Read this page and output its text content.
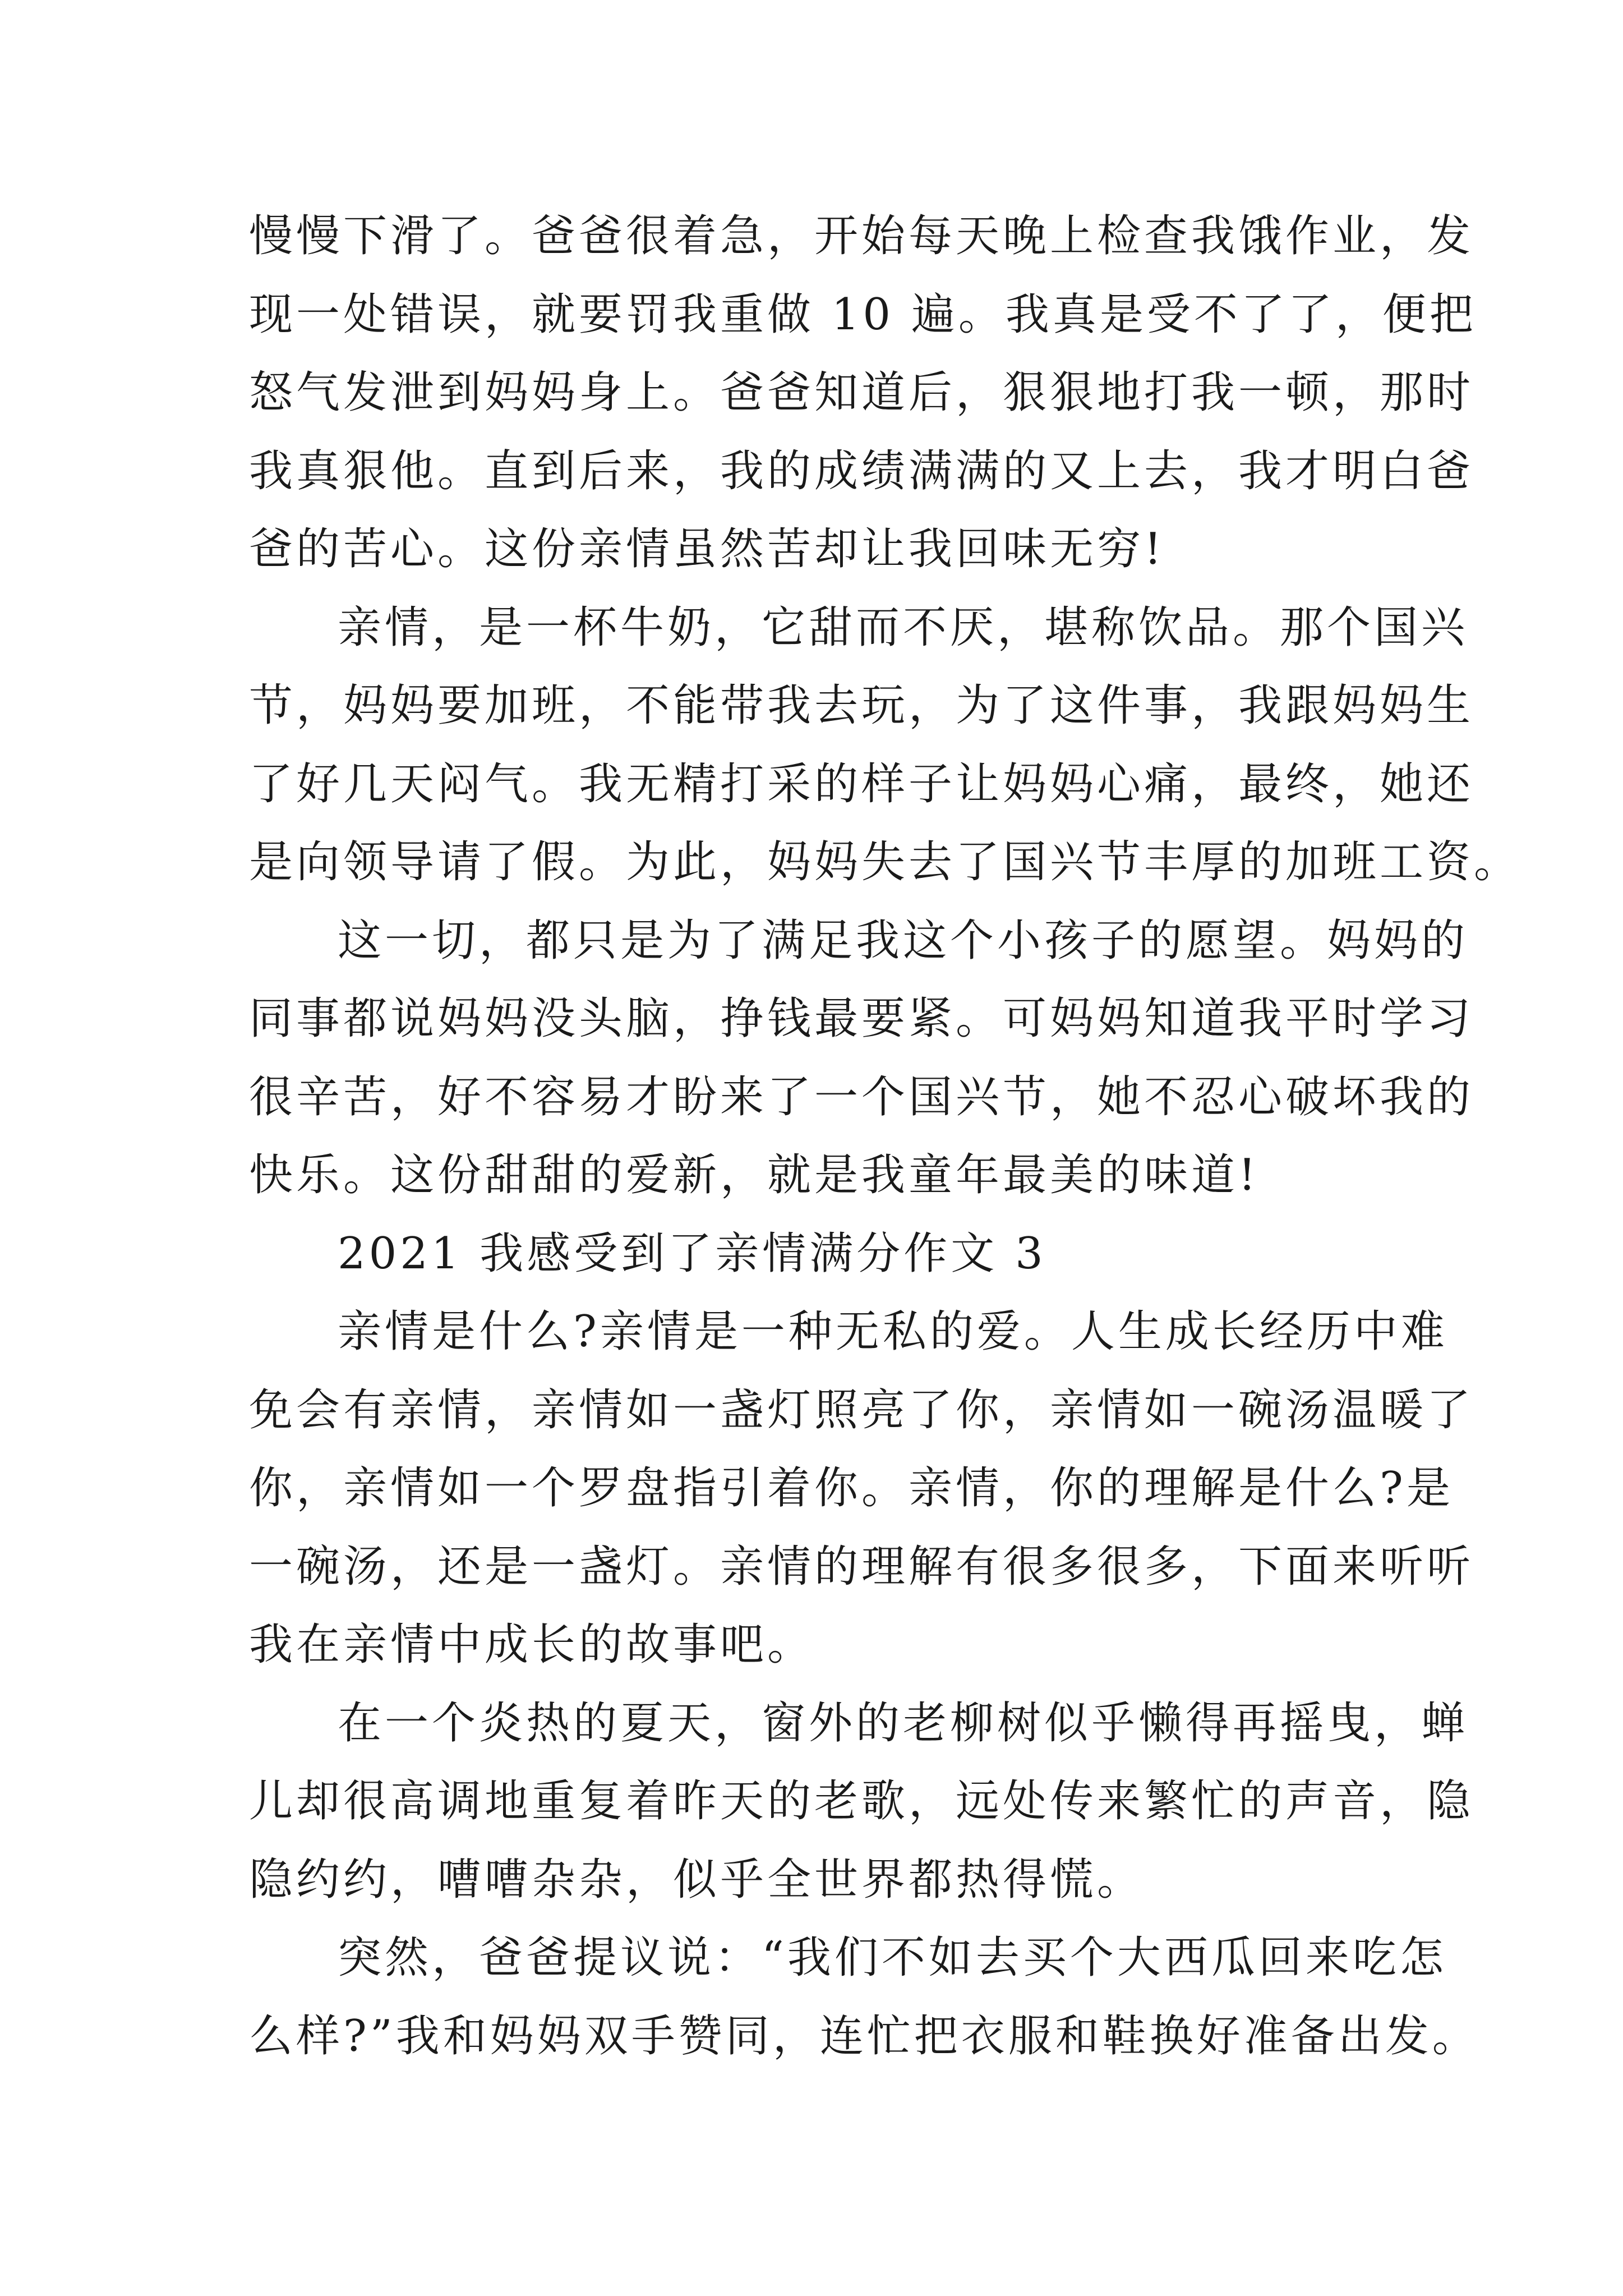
慢慢下滑了。爸爸很着急，开始每天晚上检查我饿作业，发
现一处错误，就要罚我重做 10 遍。我真是受不了了，便把
怒气发泄到妈妈身上。爸爸知道后，狠狠地打我一顿，那时
我真狠他。直到后来，我的成绩满满的又上去，我才明白爸
爸的苦心。这份亲情虽然苦却让我回味无穷!

亲情，是一杯牛奶，它甜而不厌，堪称饮品。那个国兴
节，妈妈要加班，不能带我去玩，为了这件事，我跟妈妈生
了好几天闷气。我无精打采的样子让妈妈心痛，最终，她还
是向领导请了假。为此，妈妈失去了国兴节丰厚的加班工资。

这一切，都只是为了满足我这个小孩子的愿望。妈妈的
同事都说妈妈没头脑，挣钱最要紧。可妈妈知道我平时学习
很辛苦，好不容易才盼来了一个国兴节，她不忍心破坏我的
快乐。这份甜甜的爱新，就是我童年最美的味道!

2021 我感受到了亲情满分作文 3

亲情是什么?亲情是一种无私的爱。人生成长经历中难
免会有亲情，亲情如一盏灯照亮了你，亲情如一碗汤温暖了
你，亲情如一个罗盘指引着你。亲情，你的理解是什么?是
一碗汤，还是一盏灯。亲情的理解有很多很多，下面来听听
我在亲情中成长的故事吧。

在一个炎热的夏天，窗外的老柳树似乎懒得再摇曳，蝉
儿却很高调地重复着昨天的老歌，远处传来繁忙的声音，隐
隐约约，嘈嘈杂杂，似乎全世界都热得慌。

突然，爸爸提议说：“我们不如去买个大西瓜回来吃怎
么样?”我和妈妈双手赞同，连忙把衣服和鞋换好准备出发。
